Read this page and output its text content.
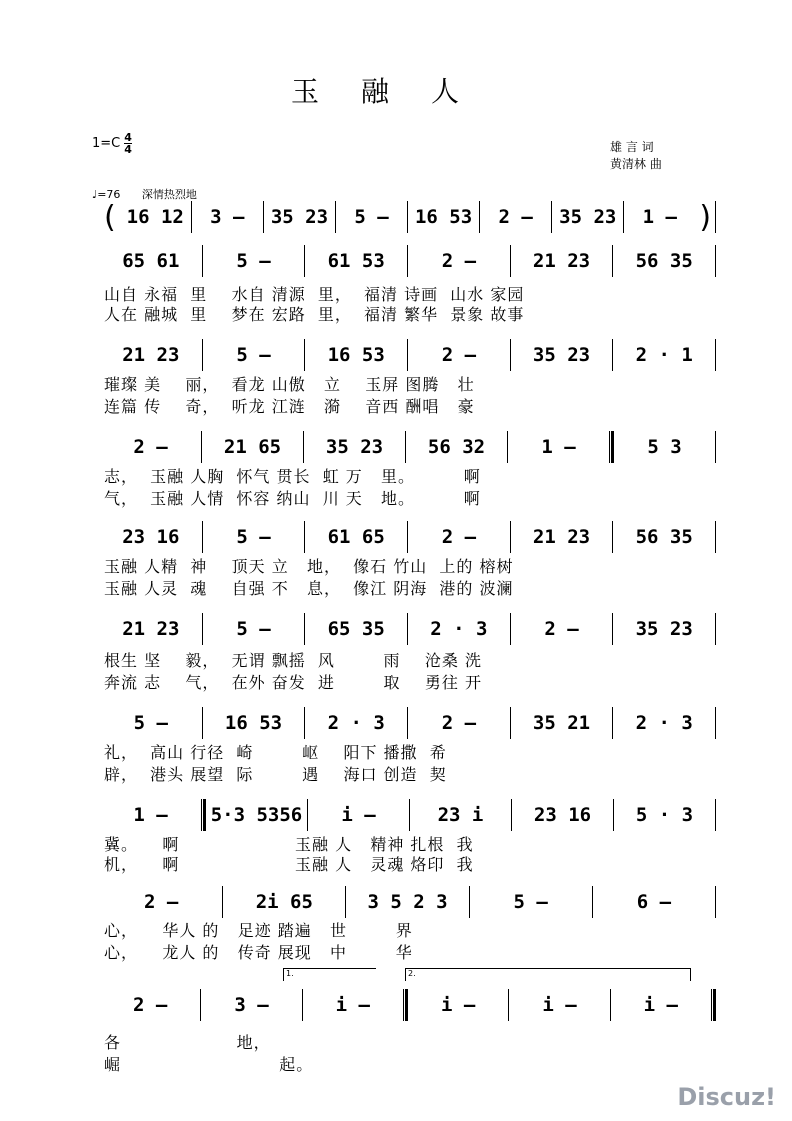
玉融人
$1=C \frac{4}{4}$	雄 言 词
黄清林 曲
♩=76 深情热烈地
( 16 12	3 –	35 23	5 –	16 53	2 –	35 23	1 – )
65 61	5 –	61 53	2 –	21 23	56 35
山自 永福  里    水自 清源  里，  福清 诗画  山水 家园
人在 融城  里    梦在 宏路  里，  福清 繁华  景象 故事
21 23	5 –	16 53	2 –	35 23	2 · 1
璀璨 美    丽，  看龙 山傲   立    玉屏 图腾   壮
连篇 传    奇，  听龙 江涟   漪    音西 酬唱   豪
2 –	21 65	35 23	56 32	1 –	5 3
志，  玉融 人胸  怀气 贯长  虹 万   里。        啊
气，  玉融 人情  怀容 纳山  川 天   地。        啊
23 16	5 –	61 65	2 –	21 23	56 35
玉融 人精  神    顶天 立   地，  像石 竹山  上的 榕树
玉融 人灵  魂    自强 不   息，  像江 阴海  港的 波澜
21 23	5 –	65 35	2 · 3	2 –	35 23
根生 坚    毅，  无谓 飘摇  风        雨    沧桑 洗
奔流 志    气，  在外 奋发  进        取    勇往 开
5 –	16 53	2 · 3	2 –	35 21	2 · 3
礼，  高山 行径  崎        岖    阳下 播撒  希
辟，  港头 展望  际        遇    海口 创造  契
1 –	5·3 5356	i –	23 i	23 16	5 · 3
冀。    啊                   玉融 人   精神 扎根  我
机，    啊                   玉融 人   灵魂 烙印  我
2 –	2i 65	3 5 2 3	5 –	6 –
心，    华人 的   足迹 踏遍   世        界
心，    龙人 的   传奇 展现   中        华
2 –	3 –	i –	i –	i –	i –
各                   地，
崛                          起。
1.	2.
Discuz!
